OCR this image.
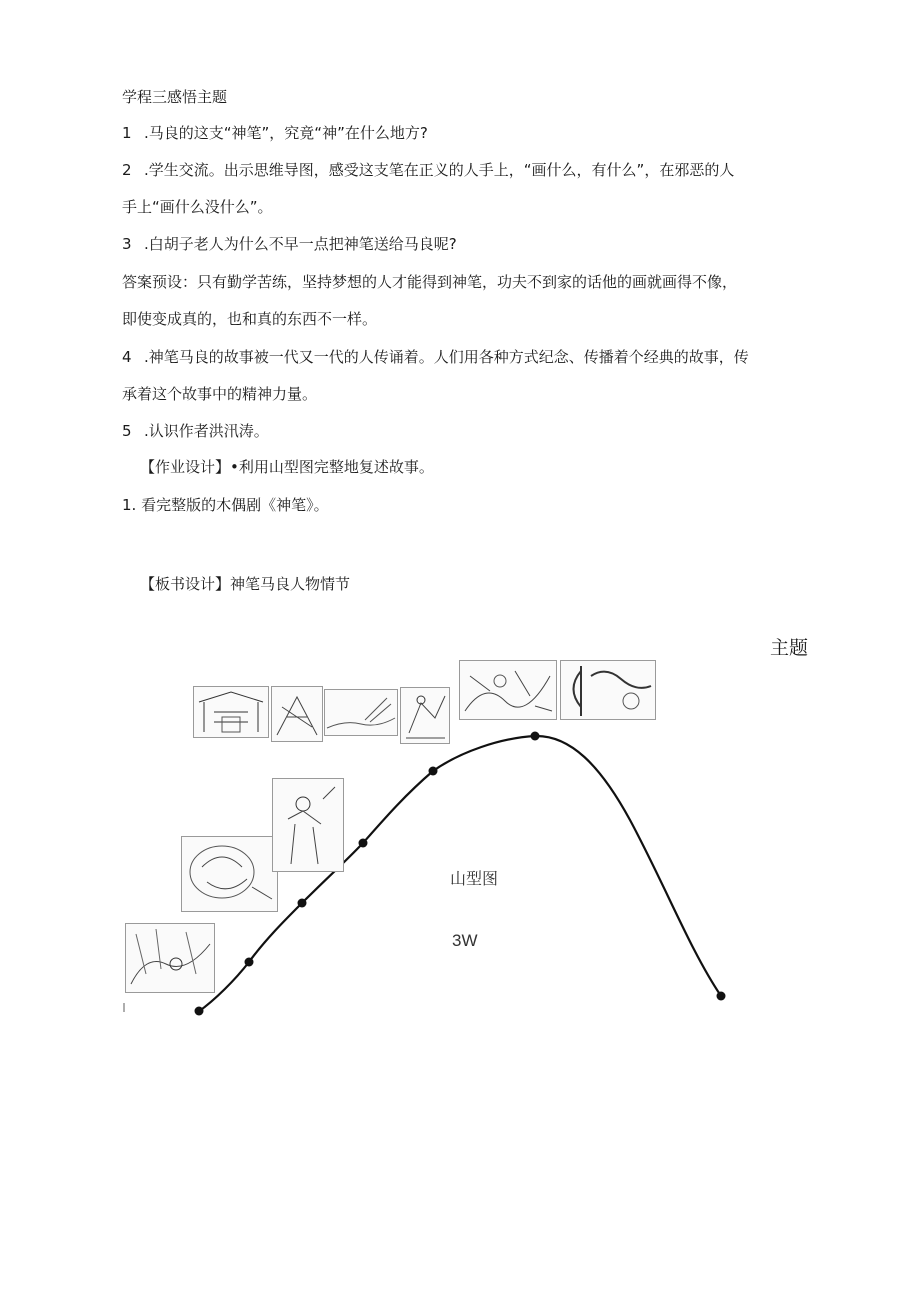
学程三感悟主题
1 .马良的这支“神笔”，究竟“神”在什么地方?
2 .学生交流。出示思维导图，感受这支笔在正义的人手上，“画什么，有什么”，在邪恶的人
手上“画什么没什么”。
3 .白胡子老人为什么不早一点把神笔送给马良呢?
答案预设：只有勤学苦练，坚持梦想的人才能得到神笔，功夫不到家的话他的画就画得不像，
即使变成真的，也和真的东西不一样。
4 .神笔马良的故事被一代又一代的人传诵着。人们用各种方式纪念、传播着个经典的故事，传
承着这个故事中的精神力量。
5 .认识作者洪汛涛。
【作业设计】•利用山型图完整地复述故事。
1. 看完整版的木偶剧《神笔》。
【板书设计】神笔马良人物情节
主题
山型图
3W
